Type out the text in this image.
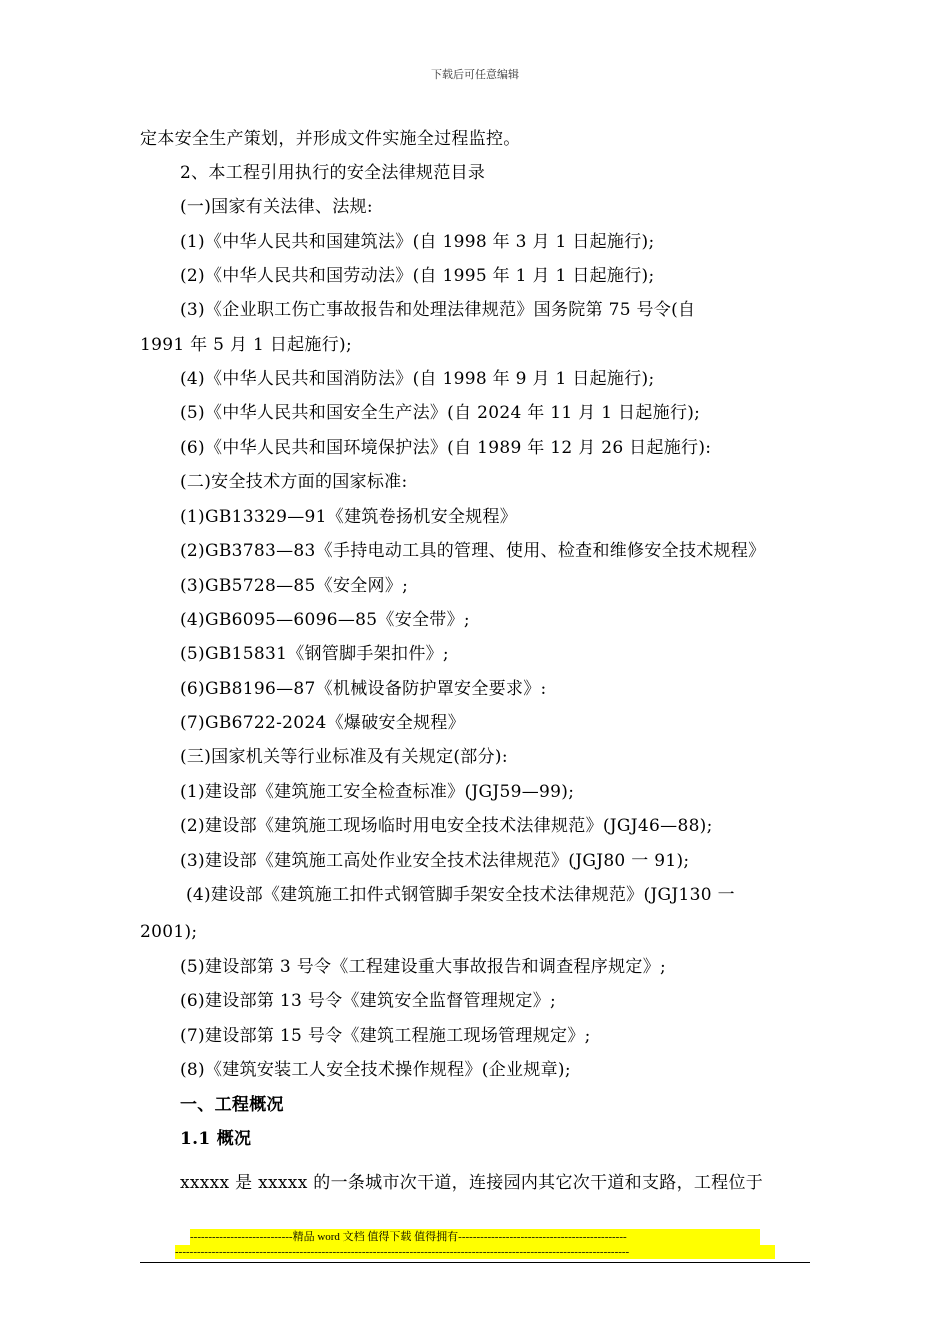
下载后可任意编辑
定本安全生产策划，并形成文件实施全过程监控。
2、本工程引用执行的安全法律规范目录
(一)国家有关法律、法规:
(1)《中华人民共和国建筑法》(自 1998 年 3 月 1 日起施行);
(2)《中华人民共和国劳动法》(自 1995 年 1 月 1 日起施行);
(3)《企业职工伤亡事故报告和处理法律规范》国务院第 75 号令(自
1991 年 5 月 1 日起施行);
(4)《中华人民共和国消防法》(自 1998 年 9 月 1 日起施行);
(5)《中华人民共和国安全生产法》(自 2024 年 11 月 1 日起施行);
(6)《中华人民共和国环境保护法》(自 1989 年 12 月 26 日起施行):
(二)安全技术方面的国家标准:
(1)GB13329—91《建筑卷扬机安全规程》
(2)GB3783—83《手持电动工具的管理、使用、检查和维修安全技术规程》
(3)GB5728—85《安全网》;
(4)GB6095—6096—85《安全带》;
(5)GB15831《钢管脚手架扣件》;
(6)GB8196—87《机械设备防护罩安全要求》:
(7)GB6722-2024《爆破安全规程》
(三)国家机关等行业标准及有关规定(部分):
(1)建设部《建筑施工安全检查标准》(JGJ59—99);
(2)建设部《建筑施工现场临时用电安全技术法律规范》(JGJ46—88);
(3)建设部《建筑施工高处作业安全技术法律规范》(JGJ80 一 91);
(4)建设部《建筑施工扣件式钢管脚手架安全技术法律规范》(JGJ130 一
2001);
(5)建设部第 3 号令《工程建设重大事故报告和调查程序规定》;
(6)建设部第 13 号令《建筑安全监督管理规定》;
(7)建设部第 15 号令《建筑工程施工现场管理规定》;
(8)《建筑安装工人安全技术操作规程》(企业规章);
一、工程概况
1.1 概况
xxxxx 是 xxxxx 的一条城市次干道，连接园内其它次干道和支路，工程位于
----------------------------精品 word 文档 值得下载 值得拥有----------------------------------------------
----------------------------------------------------------------------------------------------------------------------------
